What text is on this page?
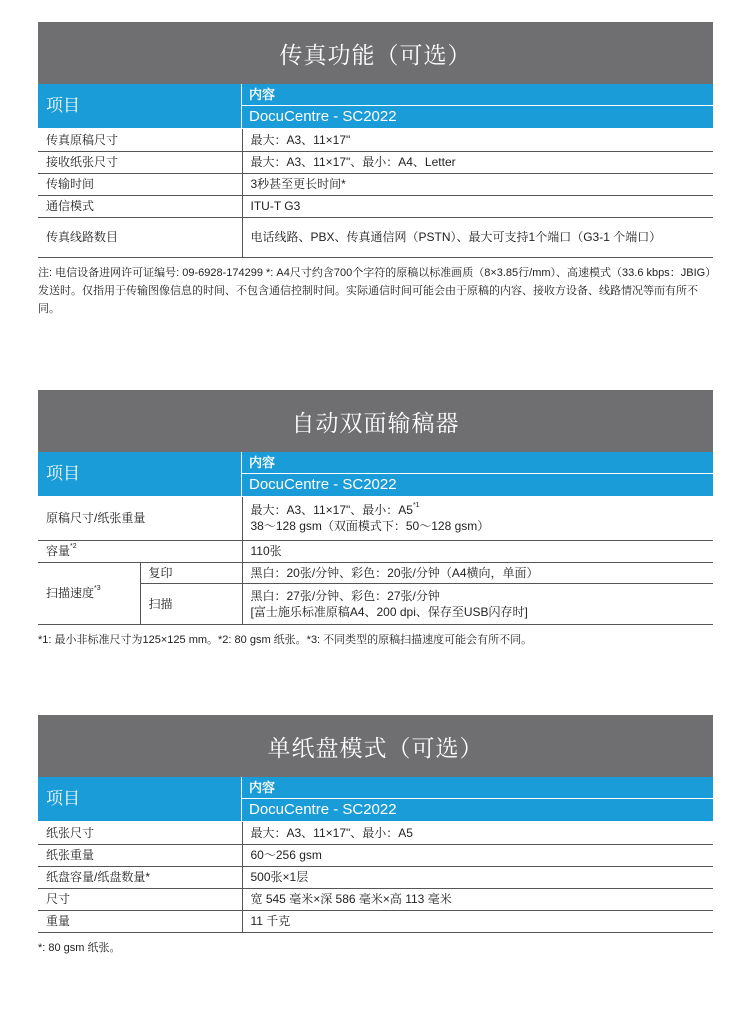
传真功能（可选）
项目
内容
DocuCentre - SC2022
传真原稿尺寸	最大：A3、11×17"
接收纸张尺寸	最大：A3、11×17"、最小：A4、Letter
传输时间	3秒甚至更长时间*
通信模式	ITU-T G3
传真线路数目	电话线路、PBX、传真通信网（PSTN）、最大可支持1个端口（G3-1 个端口）
注: 电信设备进网许可证编号: 09-6928-174299 *: A4尺寸约含700个字符的原稿以标准画质（8×3.85行/mm）、高速模式（33.6 kbps：JBIG）发送时。仅指用于传输图像信息的时间、不包含通信控制时间。实际通信时间可能会由于原稿的内容、接收方设备、线路情况等而有所不同。
自动双面输稿器
项目
内容
DocuCentre - SC2022
原稿尺寸/纸张重量		最大：A3、11×17"、最小：A5$^{*1}$
38～128 gsm（双面模式下：50～128 gsm）

容量$^{*2}$		110张
扫描速度$^{*3}$	复印	黑白：20张/分钟、彩色：20张/分钟（A4横向，单面）
	扫描	黑白：27张/分钟、彩色：27张/分钟
[富士施乐标准原稿A4、200 dpi、保存至USB闪存时]
*1: 最小非标准尺寸为125×125 mm。*2: 80 gsm 纸张。*3: 不同类型的原稿扫描速度可能会有所不同。
单纸盘模式（可选）
项目
内容
DocuCentre - SC2022
纸张尺寸	最大：A3、11×17"、最小：A5
纸张重量	60～256 gsm
纸盘容量/纸盘数量*	500张×1层
尺寸	宽 545 毫米×深 586 毫米×高 113 毫米
重量	11 千克
*: 80 gsm 纸张。
